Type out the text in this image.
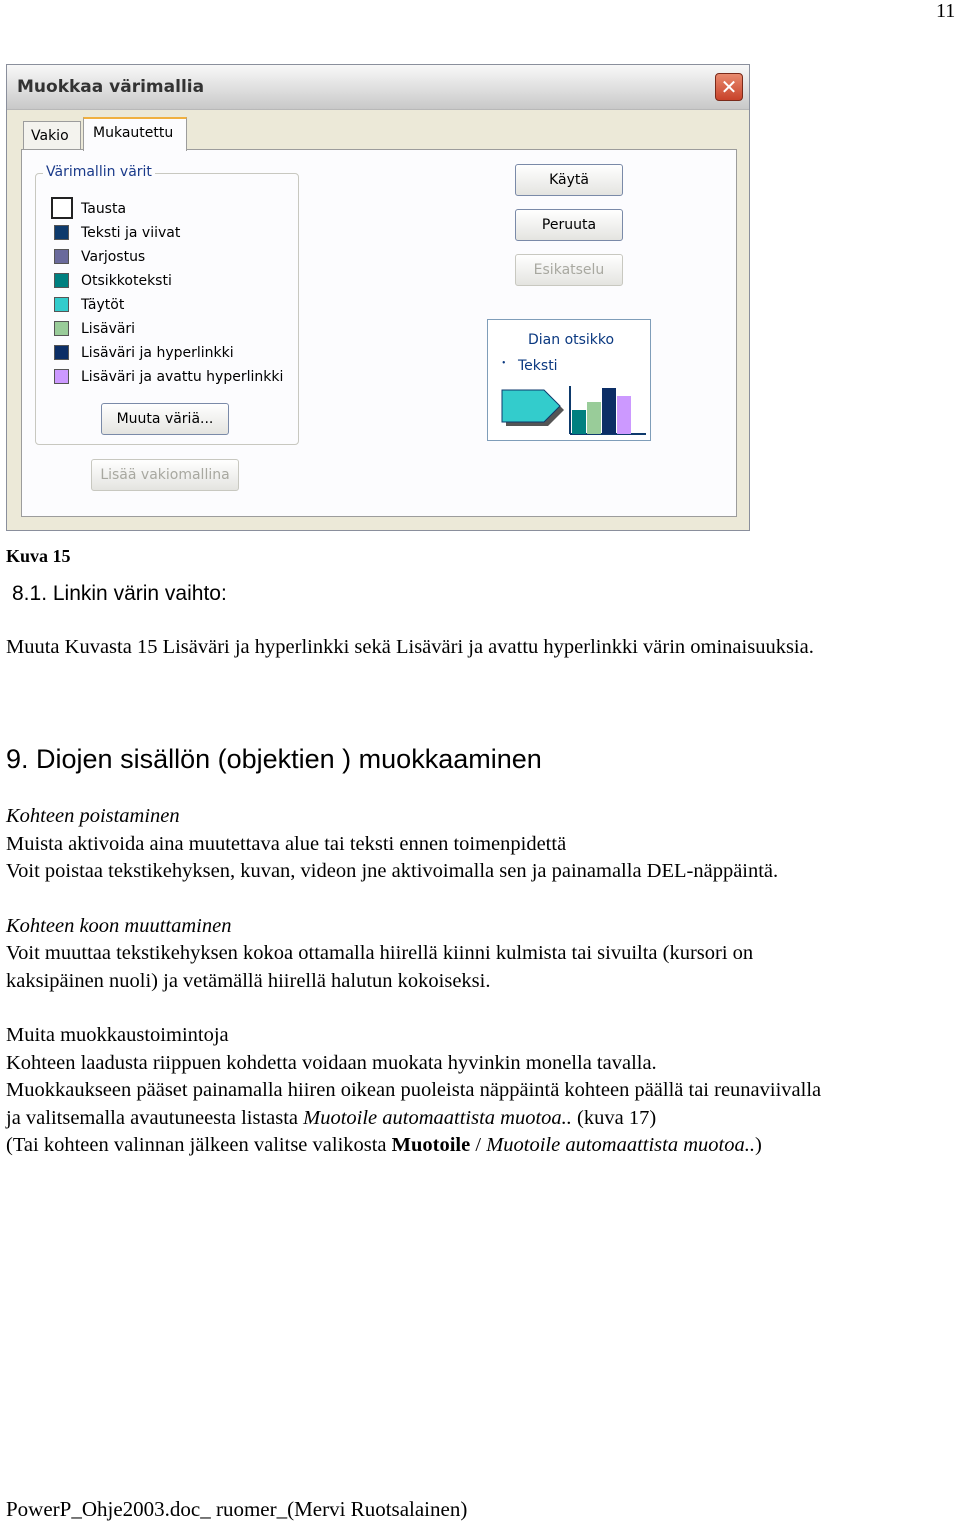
11
Muokkaa värimallia	✕
Vakio	Mukautettu
Värimallin värit
Tausta
Teksti ja viivat
Varjostus
Otsikkoteksti
Täytöt
Lisäväri
Lisäväri ja hyperlinkki
Lisäväri ja avattu hyperlinkki
Muuta väriä...
Lisää vakiomallina
Käytä
Peruuta
Esikatselu
Dian otsikko
• Teksti
Kuva 15
8.1. Linkin värin vaihto:
Muuta Kuvasta 15 Lisäväri ja hyperlinkki sekä Lisäväri ja avattu hyperlinkki värin ominaisuuksia.
9. Diojen sisällön (objektien ) muokkaaminen
Kohteen poistaminen
Muista aktivoida aina muutettava alue tai teksti ennen toimenpidettä
Voit poistaa tekstikehyksen, kuvan, videon jne aktivoimalla sen ja painamalla DEL-näppäintä.
Kohteen koon muuttaminen
Voit muuttaa tekstikehyksen kokoa ottamalla hiirellä kiinni kulmista tai sivuilta (kursori on
kaksipäinen nuoli) ja vetämällä hiirellä halutun kokoiseksi.
Muita muokkaustoimintoja
Kohteen laadusta riippuen kohdetta voidaan muokata hyvinkin monella tavalla.
Muokkaukseen pääset painamalla hiiren oikean puoleista näppäintä kohteen päällä tai reunaviivalla
ja valitsemalla avautuneesta listasta Muotoile automaattista muotoa.. (kuva 17)
(Tai kohteen valinnan jälkeen valitse valikosta Muotoile / Muotoile automaattista muotoa..)
PowerP_Ohje2003.doc_ ruomer_(Mervi Ruotsalainen)
